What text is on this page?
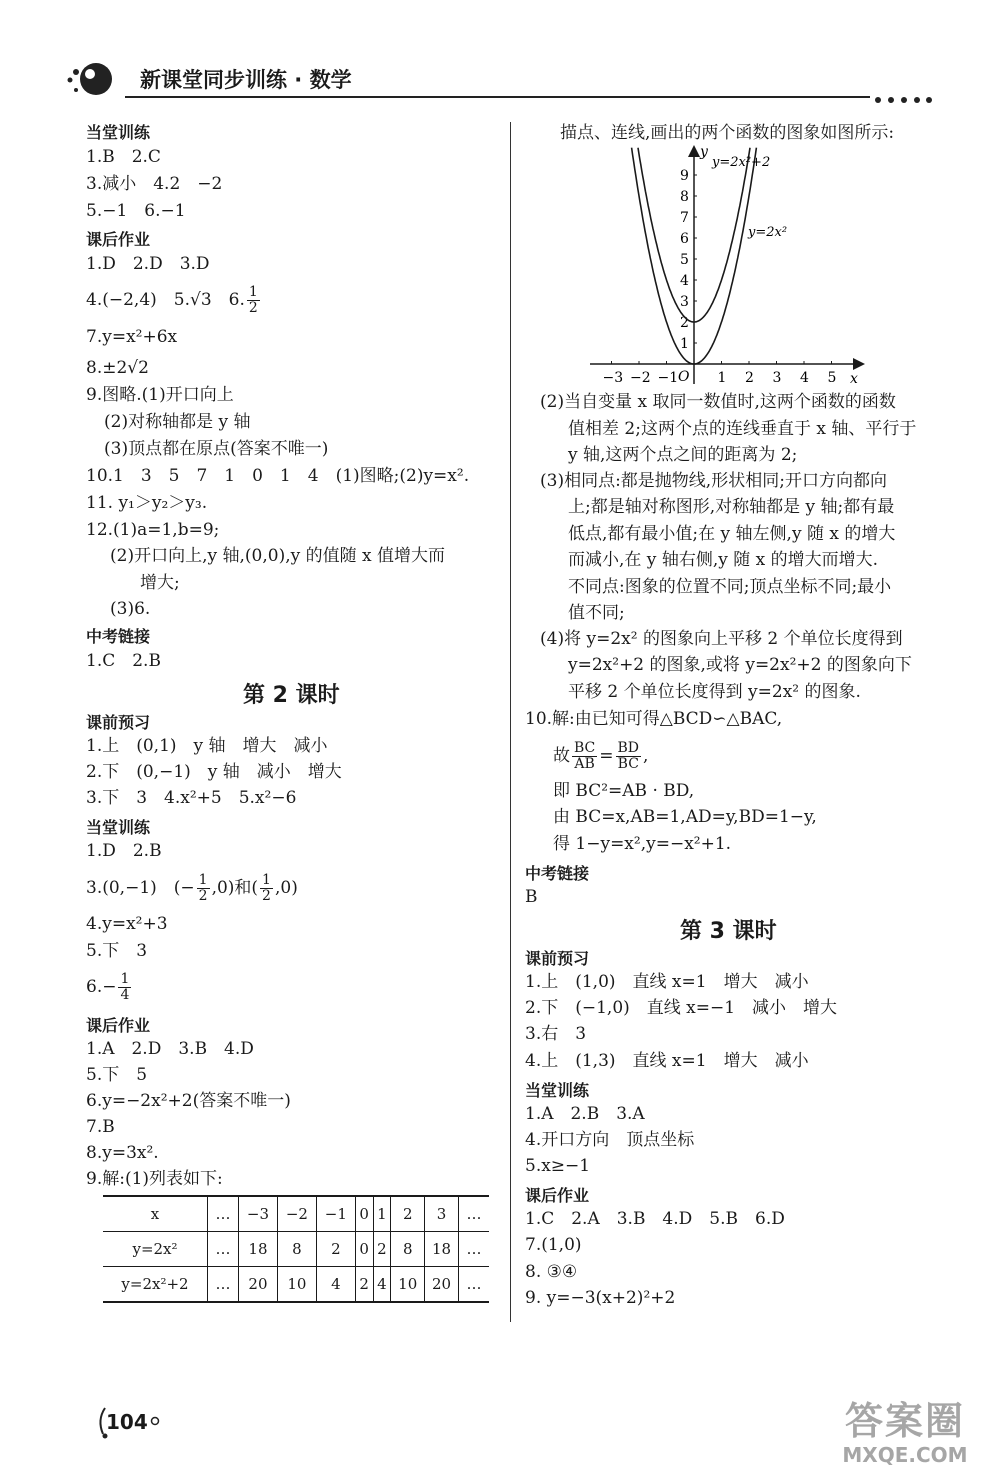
新课堂同步训练 · 数学
当堂训练
1.B　2.C
3.减小　4.2　−2
5.−1　6.−1
课后作业
1.D　2.D　3.D
4.(−2,4)　5.√3　6. $\frac{1}{2}$
7.y=x²+6x
8.±2√2
9.图略.(1)开口向上
(2)对称轴都是 y 轴
(3)顶点都在原点(答案不唯一)
10.1　3　5　7　1　0　1　4　(1)图略;(2)y=x².
11. y₁＞y₂＞y₃.
12.(1)a=1,b=9;
(2)开口向上,y 轴,(0,0),y 的值随 x 值增大而
增大;
(3)6.
中考链接
1.C　2.B
第 2 课时
课前预习
1.上　(0,1)　y 轴　增大　减小
2.下　(0,−1)　y 轴　减小　增大
3.下　3　4.x²+5　5.x²−6
当堂训练
1.D　2.B
3.(0,−1)　(− $\frac{1}{2} ,0$)和( $\frac{1}{2} ,0$)
4.y=x²+3
5.下　3
$6.- \frac{1}{4}$
课后作业
1.A　2.D　3.B　4.D
5.下　5
6.y=−2x²+2(答案不唯一)
7.B
8.y=3x².
9.解:(1)列表如下:
x	…	−3	−2	−1	0	1	2	3	…
y=2x²	…	18	8	2	0	2	8	18	…
y=2x²+2	…	20	10	4	2	4	10	20	…
描点、连线,画出的两个函数的图象如图所示:
−3 −2 −1	1 2 3 4 5
1
2
3
4
5
6
7
8
9
O	x
y
y=2x²+2
y=2x²
(2)当自变量 x 取同一数值时,这两个函数的函数
值相差 2;这两个点的连线垂直于 x 轴、平行于
y 轴,这两个点之间的距离为 2;
(3)相同点:都是抛物线,形状相同;开口方向都向
上;都是轴对称图形,对称轴都是 y 轴;都有最
低点,都有最小值;在 y 轴左侧,y 随 x 的增大
而减小,在 y 轴右侧,y 随 x 的增大而增大.
不同点:图象的位置不同;顶点坐标不同;最小
值不同;
(4)将 y=2x² 的图象向上平移 2 个单位长度得到
y=2x²+2 的图象,或将 y=2x²+2 的图象向下
平移 2 个单位长度得到 y=2x² 的图象.
10.解:由已知可得△BCD∽△BAC,
故 $\frac{BC}{AB} = \frac{BD}{BC}$ ,
即 BC²=AB · BD,
由 BC=x,AB=1,AD=y,BD=1−y,
得 1−y=x²,y=−x²+1.
中考链接
B
第 3 课时
课前预习
1.上　(1,0)　直线 x=1　增大　减小
2.下　(−1,0)　直线 x=−1　减小　增大
3.右　3
4.上　(1,3)　直线 x=1　增大　减小
当堂训练
1.A　2.B　3.A
4.开口方向　顶点坐标
5.x≥−1
课后作业
1.C　2.A　3.B　4.D　5.B　6.D
7.(1,0)
8. ③④
9. y=−3(x+2)²+2
104	答案圈
MXQE.COM
